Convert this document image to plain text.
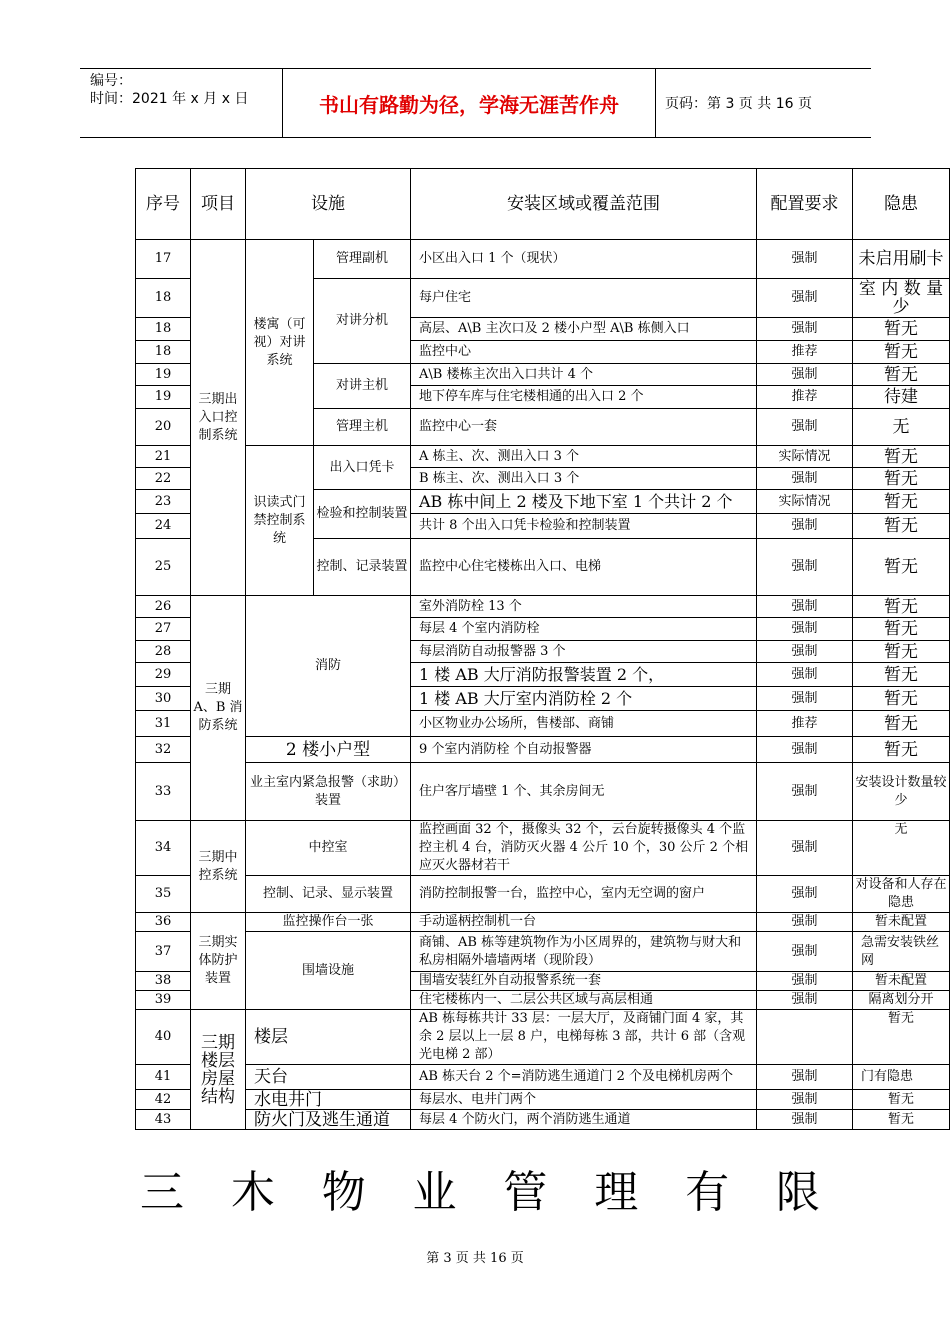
编号：
时间：2021 年 x 月 x 日	书山有路勤为径，学海无涯苦作舟	页码：第 3 页 共 16 页
序号	项目	设施		安装区域或覆盖范围	配置要求	隐患
17	三期出入口控制系统	楼寓（可视）对讲系统	管理副机	小区出入口 1 个（现状）	强制	未启用刷卡
18			对讲分机	每户住宅	强制	室 内 数 量 少
18				高层、A\B 主次口及 2 楼小户型 A\B 栋侧入口	强制	暂无
18				监控中心	推荐	暂无
19			对讲主机	A\B 楼栋主次出入口共计 4 个	强制	暂无
19				地下停车库与住宅楼相通的出入口 2 个	推荐	待建
20			管理主机	监控中心一套	强制	无
21		识读式门禁控制系统	出入口凭卡	A 栋主、次、测出入口 3 个	实际情况	暂无
22				B 栋主、次、测出入口 3 个	强制	暂无
23			检验和控制装置	AB 栋中间上 2 楼及下地下室 1 个共计 2 个	实际情况	暂无
24				共计 8 个出入口凭卡检验和控制装置	强制	暂无
25			控制、记录装置	监控中心住宅楼栋出入口、电梯	强制	暂无
26	三期 A、B 消防系统	消防		室外消防栓 13 个	强制	暂无
27				每层 4 个室内消防栓	强制	暂无
28				每层消防自动报警器 3 个	强制	暂无
29				1 楼 AB 大厅消防报警装置 2 个，	强制	暂无
30				1 楼 AB 大厅室内消防栓 2 个	强制	暂无
31				小区物业办公场所，售楼部、商铺	推荐	暂无
32		2 楼小户型		9 个室内消防栓 个自动报警器	强制	暂无
33		业主室内紧急报警（求助）装置		住户客厅墙壁 1 个、其余房间无	强制	安装设计数量较少
34	三期中控系统	中控室		监控画面 32 个，摄像头 32 个，云台旋转摄像头 4 个监控主机 4 台，消防灭火器 4 公斤 10 个，30 公斤 2 个相应灭火器材若干	强制	无
35		控制、记录、显示装置		消防控制报警一台，监控中心，室内无空调的窗户	强制	对设备和人存在隐患
36	三期实体防护装置	监控操作台一张		手动遥柄控制机一台	强制	暂未配置
37		围墙设施		商铺、AB 栋等建筑物作为小区周界的，建筑物与财大和私房相隔外墙墙两堵（现阶段）	强制	急需安装铁丝网
38				围墙安装红外自动报警系统一套	强制	暂未配置
39				住宅楼栋内一、二层公共区域与高层相通	强制	隔离划分开
40	三期楼层房屋结构	楼层		AB 栋每栋共计 33 层：一层大厅，及商铺门面 4 家，其余 2 层以上一层 8 户，电梯每栋 3 部，共计 6 部（含观光电梯 2 部）		暂无
41		天台		AB 栋天台 2 个=消防逃生通道门 2 个及电梯机房两个	强制	门有隐患
42		水电井门		每层水、电井门两个	强制	暂无
43		防火门及逃生通道		每层 4 个防火门，两个消防逃生通道	强制	暂无
三 木 物 业 管 理 有 限
第 3 页 共 16 页
